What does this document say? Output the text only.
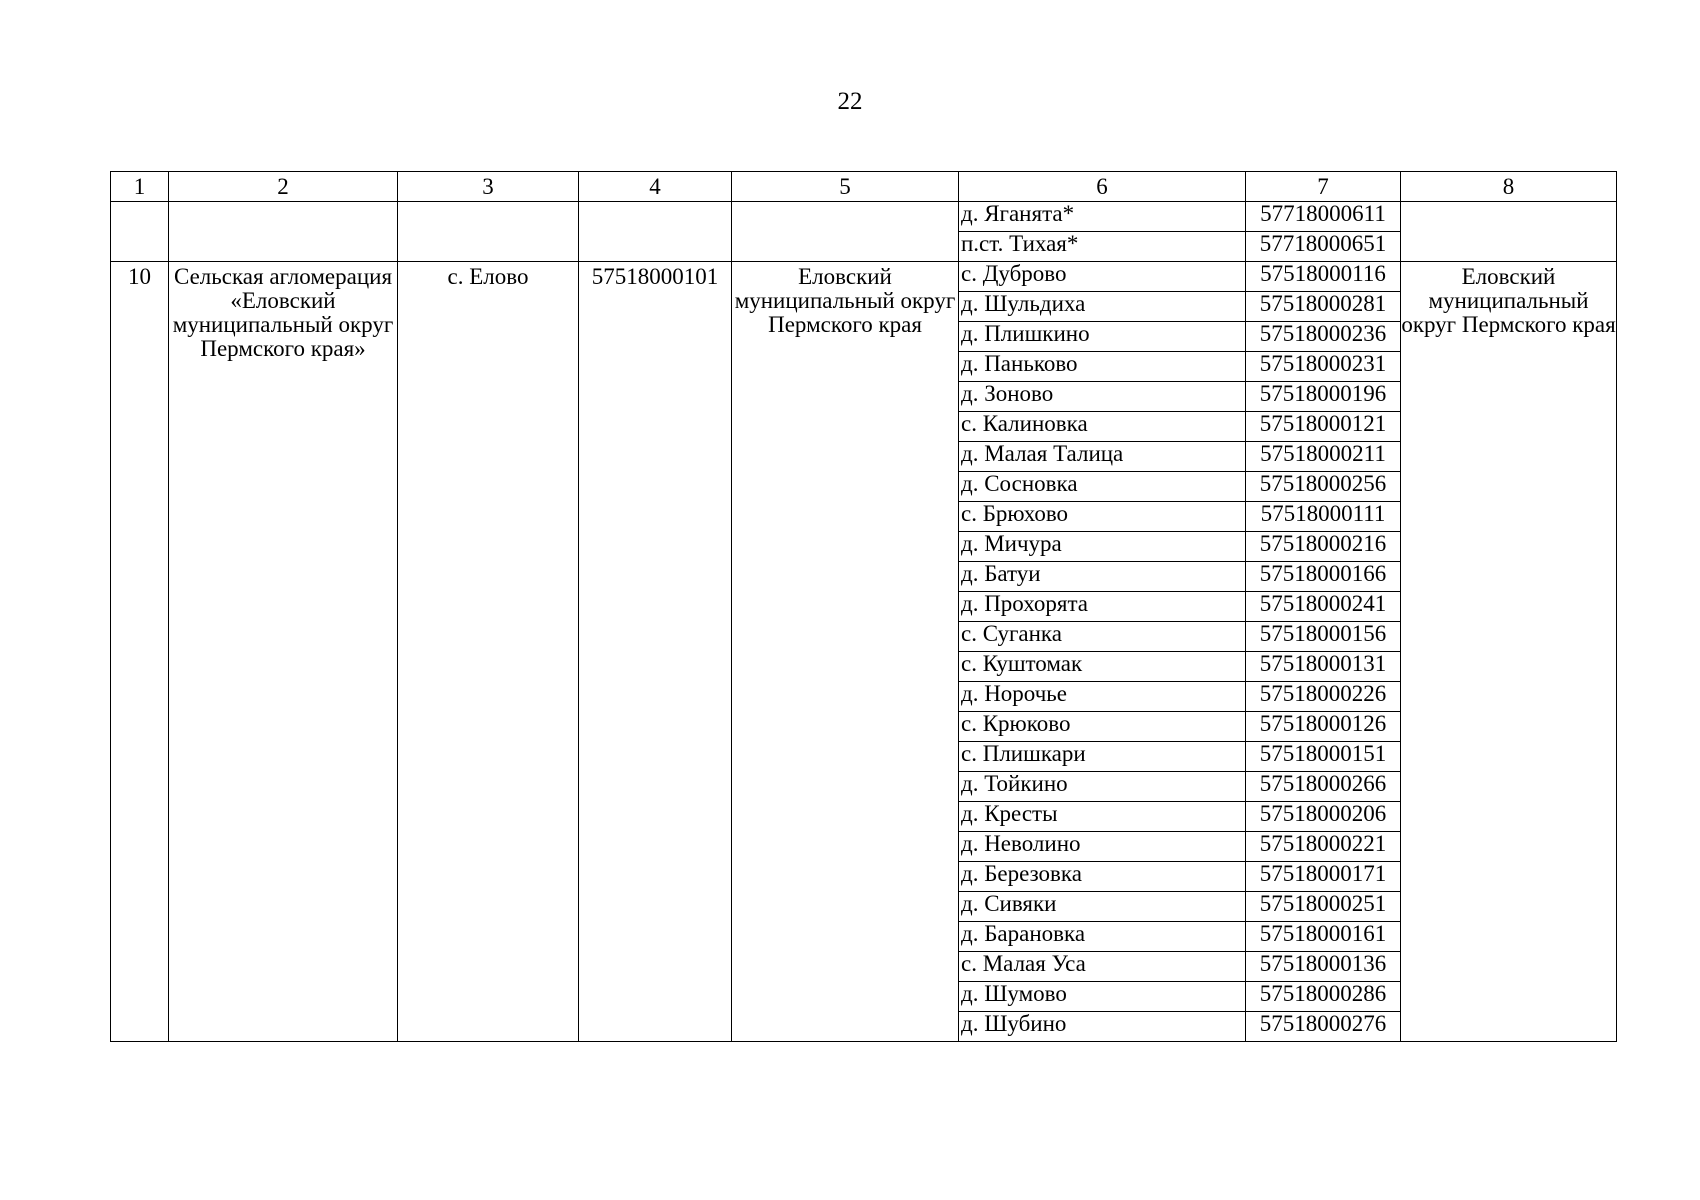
22
1	2	3	4	5	6	7	8
					д. Яганята*	57718000611	
					п.ст. Тихая*	57718000651	
10	Сельская агломерация «Еловский муниципальный округ Пермского края»	с. Елово	57518000101	Еловский муниципальный округ Пермского края	с. Дуброво	57518000116	Еловский муниципальный округ Пермского края
					д. Шульдиха	57518000281	
					д. Плишкино	57518000236	
					д. Паньково	57518000231	
					д. Зоново	57518000196	
					с. Калиновка	57518000121	
					д. Малая Талица	57518000211	
					д. Сосновка	57518000256	
					с. Брюхово	57518000111	
					д. Мичура	57518000216	
					д. Батуи	57518000166	
					д. Прохорята	57518000241	
					с. Суганка	57518000156	
					с. Куштомак	57518000131	
					д. Норочье	57518000226	
					с. Крюково	57518000126	
					с. Плишкари	57518000151	
					д. Тойкино	57518000266	
					д. Кресты	57518000206	
					д. Неволино	57518000221	
					д. Березовка	57518000171	
					д. Сивяки	57518000251	
					д. Барановка	57518000161	
					с. Малая Уса	57518000136	
					д. Шумово	57518000286	
					д. Шубино	57518000276	
